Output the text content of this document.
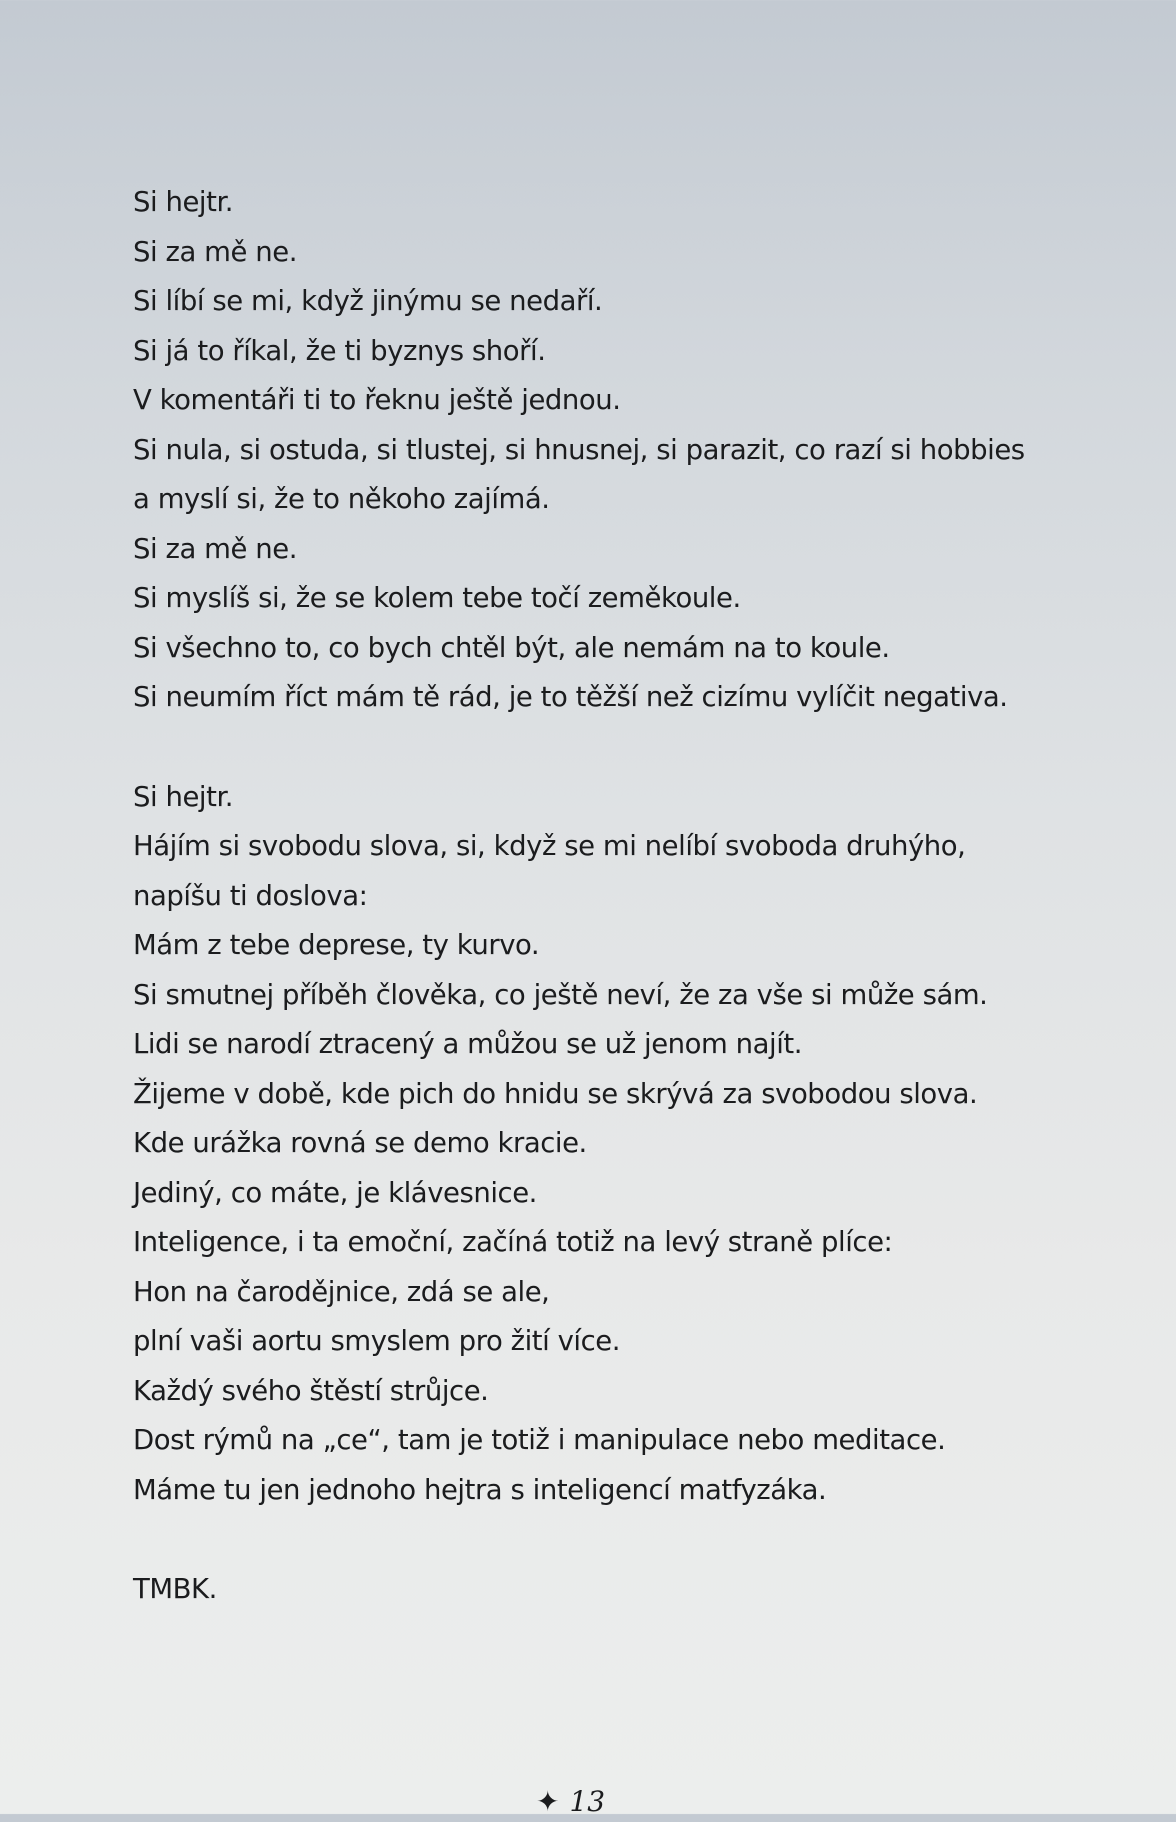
Si hejtr.
Si za mě ne.
Si líbí se mi, když jinýmu se nedaří.
Si já to říkal, že ti byznys shoří.
V komentáři ti to řeknu ještě jednou.
Si nula, si ostuda, si tlustej, si hnusnej, si parazit, co razí si hobbies
a myslí si, že to někoho zajímá.
Si za mě ne.
Si myslíš si, že se kolem tebe točí zeměkoule.
Si všechno to, co bych chtěl být, ale nemám na to koule.
Si neumím říct mám tě rád, je to těžší než cizímu vylíčit negativa.
Si hejtr.
Hájím si svobodu slova, si, když se mi nelíbí svoboda druhýho,
napíšu ti doslova:
Mám z tebe deprese, ty kurvo.
Si smutnej příběh člověka, co ještě neví, že za vše si může sám.
Lidi se narodí ztracený a můžou se už jenom najít.
Žijeme v době, kde pich do hnidu se skrývá za svobodou slova.
Kde urážka rovná se demo kracie.
Jediný, co máte, je klávesnice.
Inteligence, i ta emoční, začíná totiž na levý straně plíce:
Hon na čarodějnice, zdá se ale,
plní vaši aortu smyslem pro žití více.
Každý svého štěstí strůjce.
Dost rýmů na „ce“, tam je totiž i manipulace nebo meditace.
Máme tu jen jednoho hejtra s inteligencí matfyzáka.
TMBK.
✦ 13
